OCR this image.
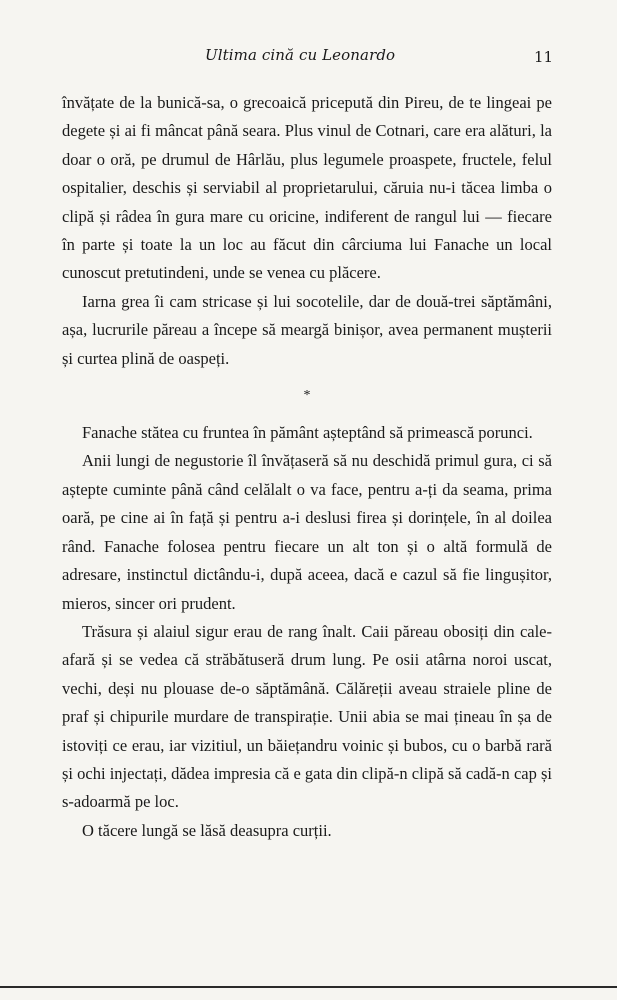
Ultima cină cu Leonardo	11

învățate de la bunică-sa, o grecoaică pricepută din Pireu, de te lingeai pe degete și ai fi mâncat până seara. Plus vinul de Cotnari, care era alături, la doar o oră, pe drumul de Hârlău, plus legumele proaspete, fructele, felul ospitalier, deschis și serviabil al proprietarului, căruia nu-i tăcea limba o clipă și râdea în gura mare cu oricine, indiferent de rangul lui — fiecare în parte și toate la un loc au făcut din cârciuma lui Fanache un local cunoscut pretutindeni, unde se venea cu plăcere.

Iarna grea îi cam stricase și lui socotelile, dar de două-trei săptămâni, așa, lucrurile păreau a începe să meargă binișor, avea permanent mușterii și curtea plină de oaspeți.

*

Fanache stătea cu fruntea în pământ așteptând să primească porunci.

Anii lungi de negustorie îl învățaseră să nu deschidă primul gura, ci să aștepte cuminte până când celălalt o va face, pentru a-ți da seama, prima oară, pe cine ai în față și pentru a-i deslusi firea și dorințele, în al doilea rând. Fanache folosea pentru fiecare un alt ton și o altă formulă de adresare, instinctul dictându-i, după aceea, dacă e cazul să fie lingușitor, mieros, sincer ori prudent.

Trăsura și alaiul sigur erau de rang înalt. Caii păreau obosiți din cale-afară și se vedea că străbătuseră drum lung. Pe osii atârna noroi uscat, vechi, deși nu plouase de-o săptămână. Călăreții aveau straiele pline de praf și chipurile murdare de transpirație. Unii abia se mai țineau în șa de istoviți ce erau, iar vizitiul, un băiețandru voinic și bubos, cu o barbă rară și ochi injectați, dădea impresia că e gata din clipă-n clipă să cadă-n cap și s-adoarmă pe loc.

O tăcere lungă se lăsă deasupra curții.
